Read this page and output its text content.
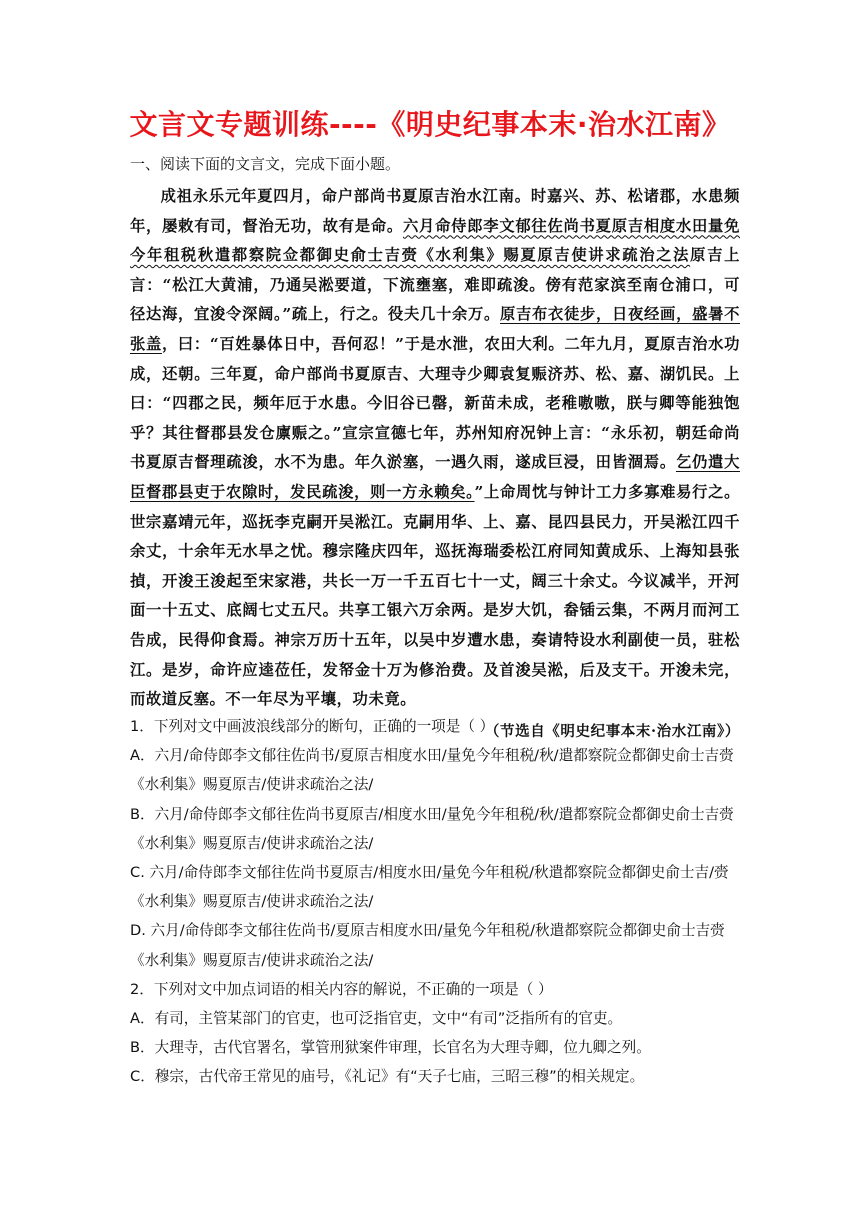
文言文专题训练----《明史纪事本末·治水江南》
一、阅读下面的文言文，完成下面小题。

成祖永乐元年夏四月，命户部尚书夏原吉治水江南。时嘉兴、苏、松诸郡，水患频年，屡敕有司，督治无功，故有是命。六月命侍郎李文郁往佐尚书夏原吉相度水田量免今年租税秋遣都察院佥都御史俞士吉赍《水利集》赐夏原吉使讲求疏治之法原吉上言：“松江大黄浦，乃通吴淞要道，下流壅塞，难即疏浚。傍有范家滨至南仓浦口，可径达海，宜浚令深阔。”疏上，行之。役夫几十余万。原吉布衣徒步，日夜经画，盛暑不张盖，曰：“百姓暴体日中，吾何忍！”于是水泄，农田大利。二年九月，夏原吉治水功成，还朝。三年夏，命户部尚书夏原吉、大理寺少卿袁复赈济苏、松、嘉、湖饥民。上曰：“四郡之民，频年厄于水患。今旧谷已罄，新苗未成，老稚嗷嗷，朕与卿等能独饱乎？其往督郡县发仓廪赈之。”宣宗宣德七年，苏州知府况钟上言：“永乐初，朝廷命尚书夏原吉督理疏浚，水不为患。年久淤塞，一遇久雨，遂成巨浸，田皆涸焉。乞仍遣大臣督郡县吏于农隙时，发民疏浚，则一方永赖矣。”上命周忱与钟计工力多寡难易行之。世宗嘉靖元年，巡抚李克嗣开吴淞江。克嗣用华、上、嘉、昆四县民力，开吴淞江四千余丈，十余年无水旱之忧。穆宗隆庆四年，巡抚海瑞委松江府同知黄成乐、上海知县张揁，开浚王浚起至宋家港，共长一万一千五百七十一丈，阔三十余丈。今议减半，开河面一十五丈、底阔七丈五尺。共享工银六万余两。是岁大饥，畚锸云集，不两月而河工告成，民得仰食焉。神宗万历十五年，以吴中岁遭水患，奏请特设水利副使一员，驻松江。是岁，命许应逵莅任，发帑金十万为修治费。及首浚吴淞，后及支干。开浚未完，而故道反塞。不一年尽为平壤，功未竟。

（节选自《明史纪事本末·治水江南》）

1．下列对文中画波浪线部分的断句，正确的一项是（ ）

A．六月/命侍郎李文郁往佐尚书/夏原吉相度水田/量免今年租税/秋/遣都察院佥都御史俞士吉赍《水利集》赐夏原吉/使讲求疏治之法/

B．六月/命侍郎李文郁往佐尚书夏原吉/相度水田/量免今年租税/秋/遣都察院佥都御史俞士吉赍《水利集》赐夏原吉/使讲求疏治之法/

C. 六月/命侍郎李文郁往佐尚书夏原吉/相度水田/量免今年租税/秋遣都察院佥都御史俞士吉/赍《水利集》赐夏原吉/使讲求疏治之法/

D. 六月/命侍郎李文郁往佐尚书/夏原吉相度水田/量免今年租税/秋遣都察院佥都御史俞士吉赍《水利集》赐夏原吉/使讲求疏治之法/

2．下列对文中加点词语的相关内容的解说，不正确的一项是（ ）

A．有司，主管某部门的官吏，也可泛指官吏，文中“有司”泛指所有的官吏。

B．大理寺，古代官署名，掌管刑狱案件审理，长官名为大理寺卿，位九卿之列。

C．穆宗，古代帝王常见的庙号，《礼记》有“天子七庙，三昭三穆”的相关规定。
